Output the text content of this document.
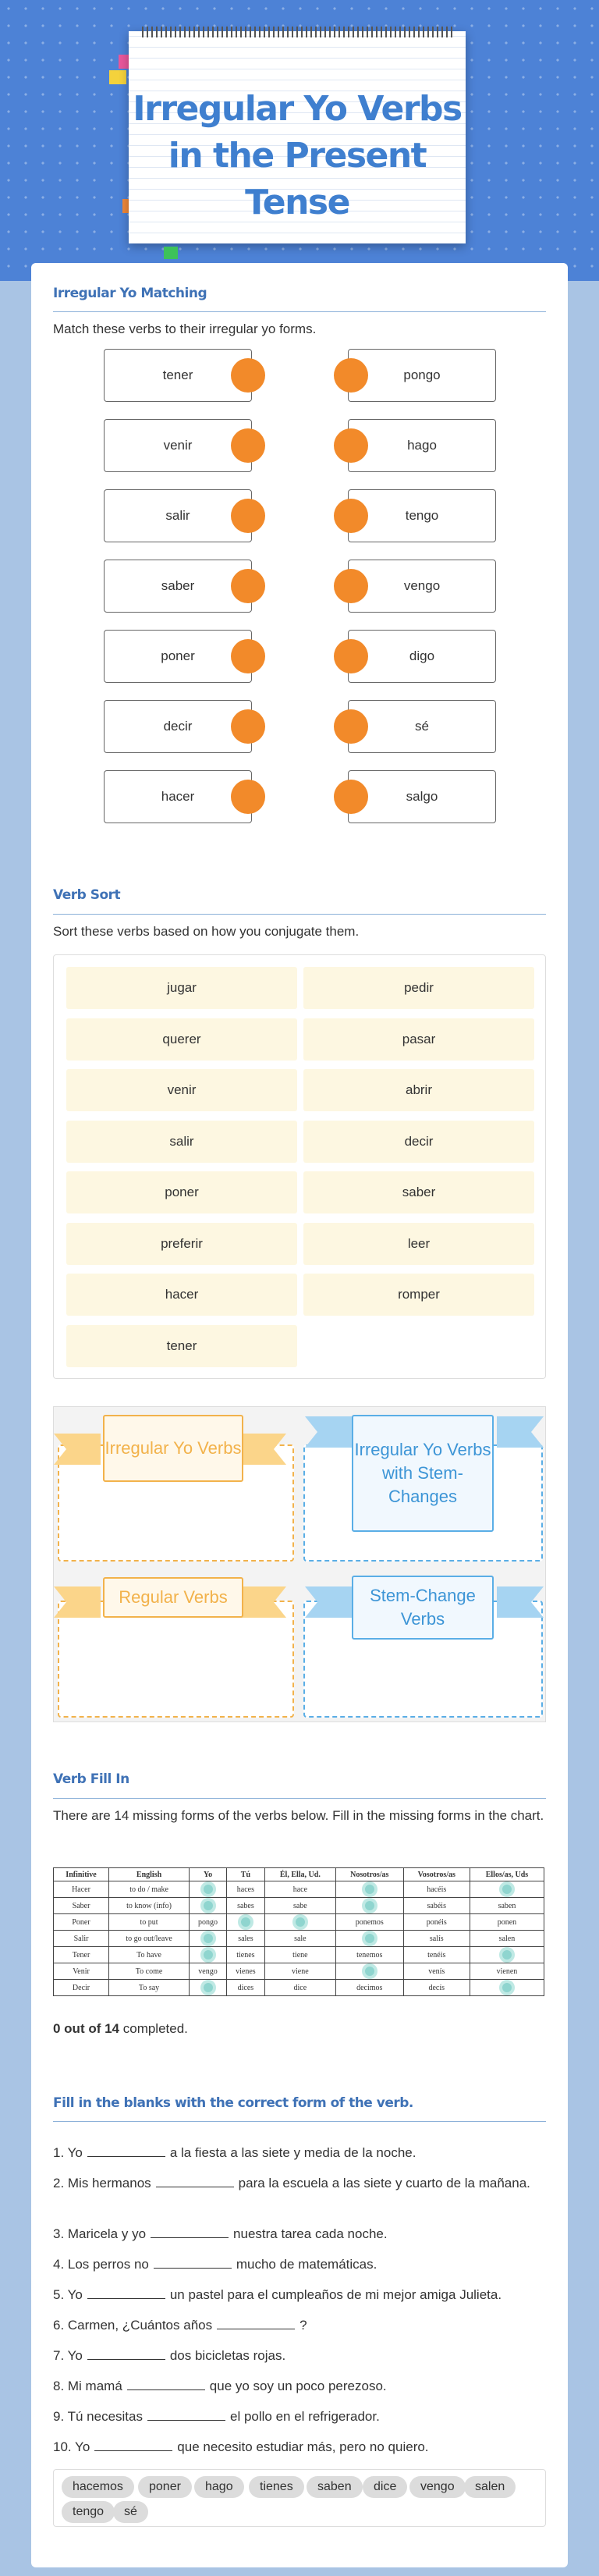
Irregular Yo Verbs in the Present Tense
Irregular Yo Matching
Match these verbs to their irregular yo forms.
tener
venir
salir
saber
poner
decir
hacer
pongo
hago
tengo
vengo
digo
sé
salgo
Verb Sort
Sort these verbs based on how you conjugate them.
jugar	pedir
querer	pasar
venir	abrir
salir	decir
poner	saber
preferir	leer
hacer	romper
tener
Irregular Yo Verbs	Irregular Yo Verbs with Stem-Changes
Regular Verbs	Stem-Change Verbs
Verb Fill In
There are 14 missing forms of the verbs below. Fill in the missing forms in the chart.
Infinitive	English	Yo	Tú	Él, Ella, Ud.	Nosotros/as	Vosotros/as	Ellos/as, Uds
Hacer	to do / make		haces	hace		hacéis	
Saber	to know (info)		sabes	sabe		sabéis	saben
Poner	to put	pongo			ponemos	ponéis	ponen
Salir	to go out/leave		sales	sale		salís	salen
Tener	To have		tienes	tiene	tenemos	tenéis	
Venir	To come	vengo	vienes	viene		venís	vienen
Decir	To say		dices	dice	decimos	decís	
0 out of 14 completed.
Fill in the blanks with the correct form of the verb.
1. Yo	a la fiesta a las siete y media de la noche.
2. Mis hermanos	para la escuela a las siete y cuarto de la mañana.
3. Maricela y yo	nuestra tarea cada noche.
4. Los perros no	mucho de matemáticas.
5. Yo	un pastel para el cumpleaños de mi mejor amiga Julieta.
6. Carmen, ¿Cuántos años	?
7. Yo	dos bicicletas rojas.
8. Mi mamá	que yo soy un poco perezoso.
9. Tú necesitas	el pollo en el refrigerador.
10. Yo	que necesito estudiar más, pero no quiero.
hacemos	poner	hago	tienes	saben	dice	vengo	salen
tengo	sé
